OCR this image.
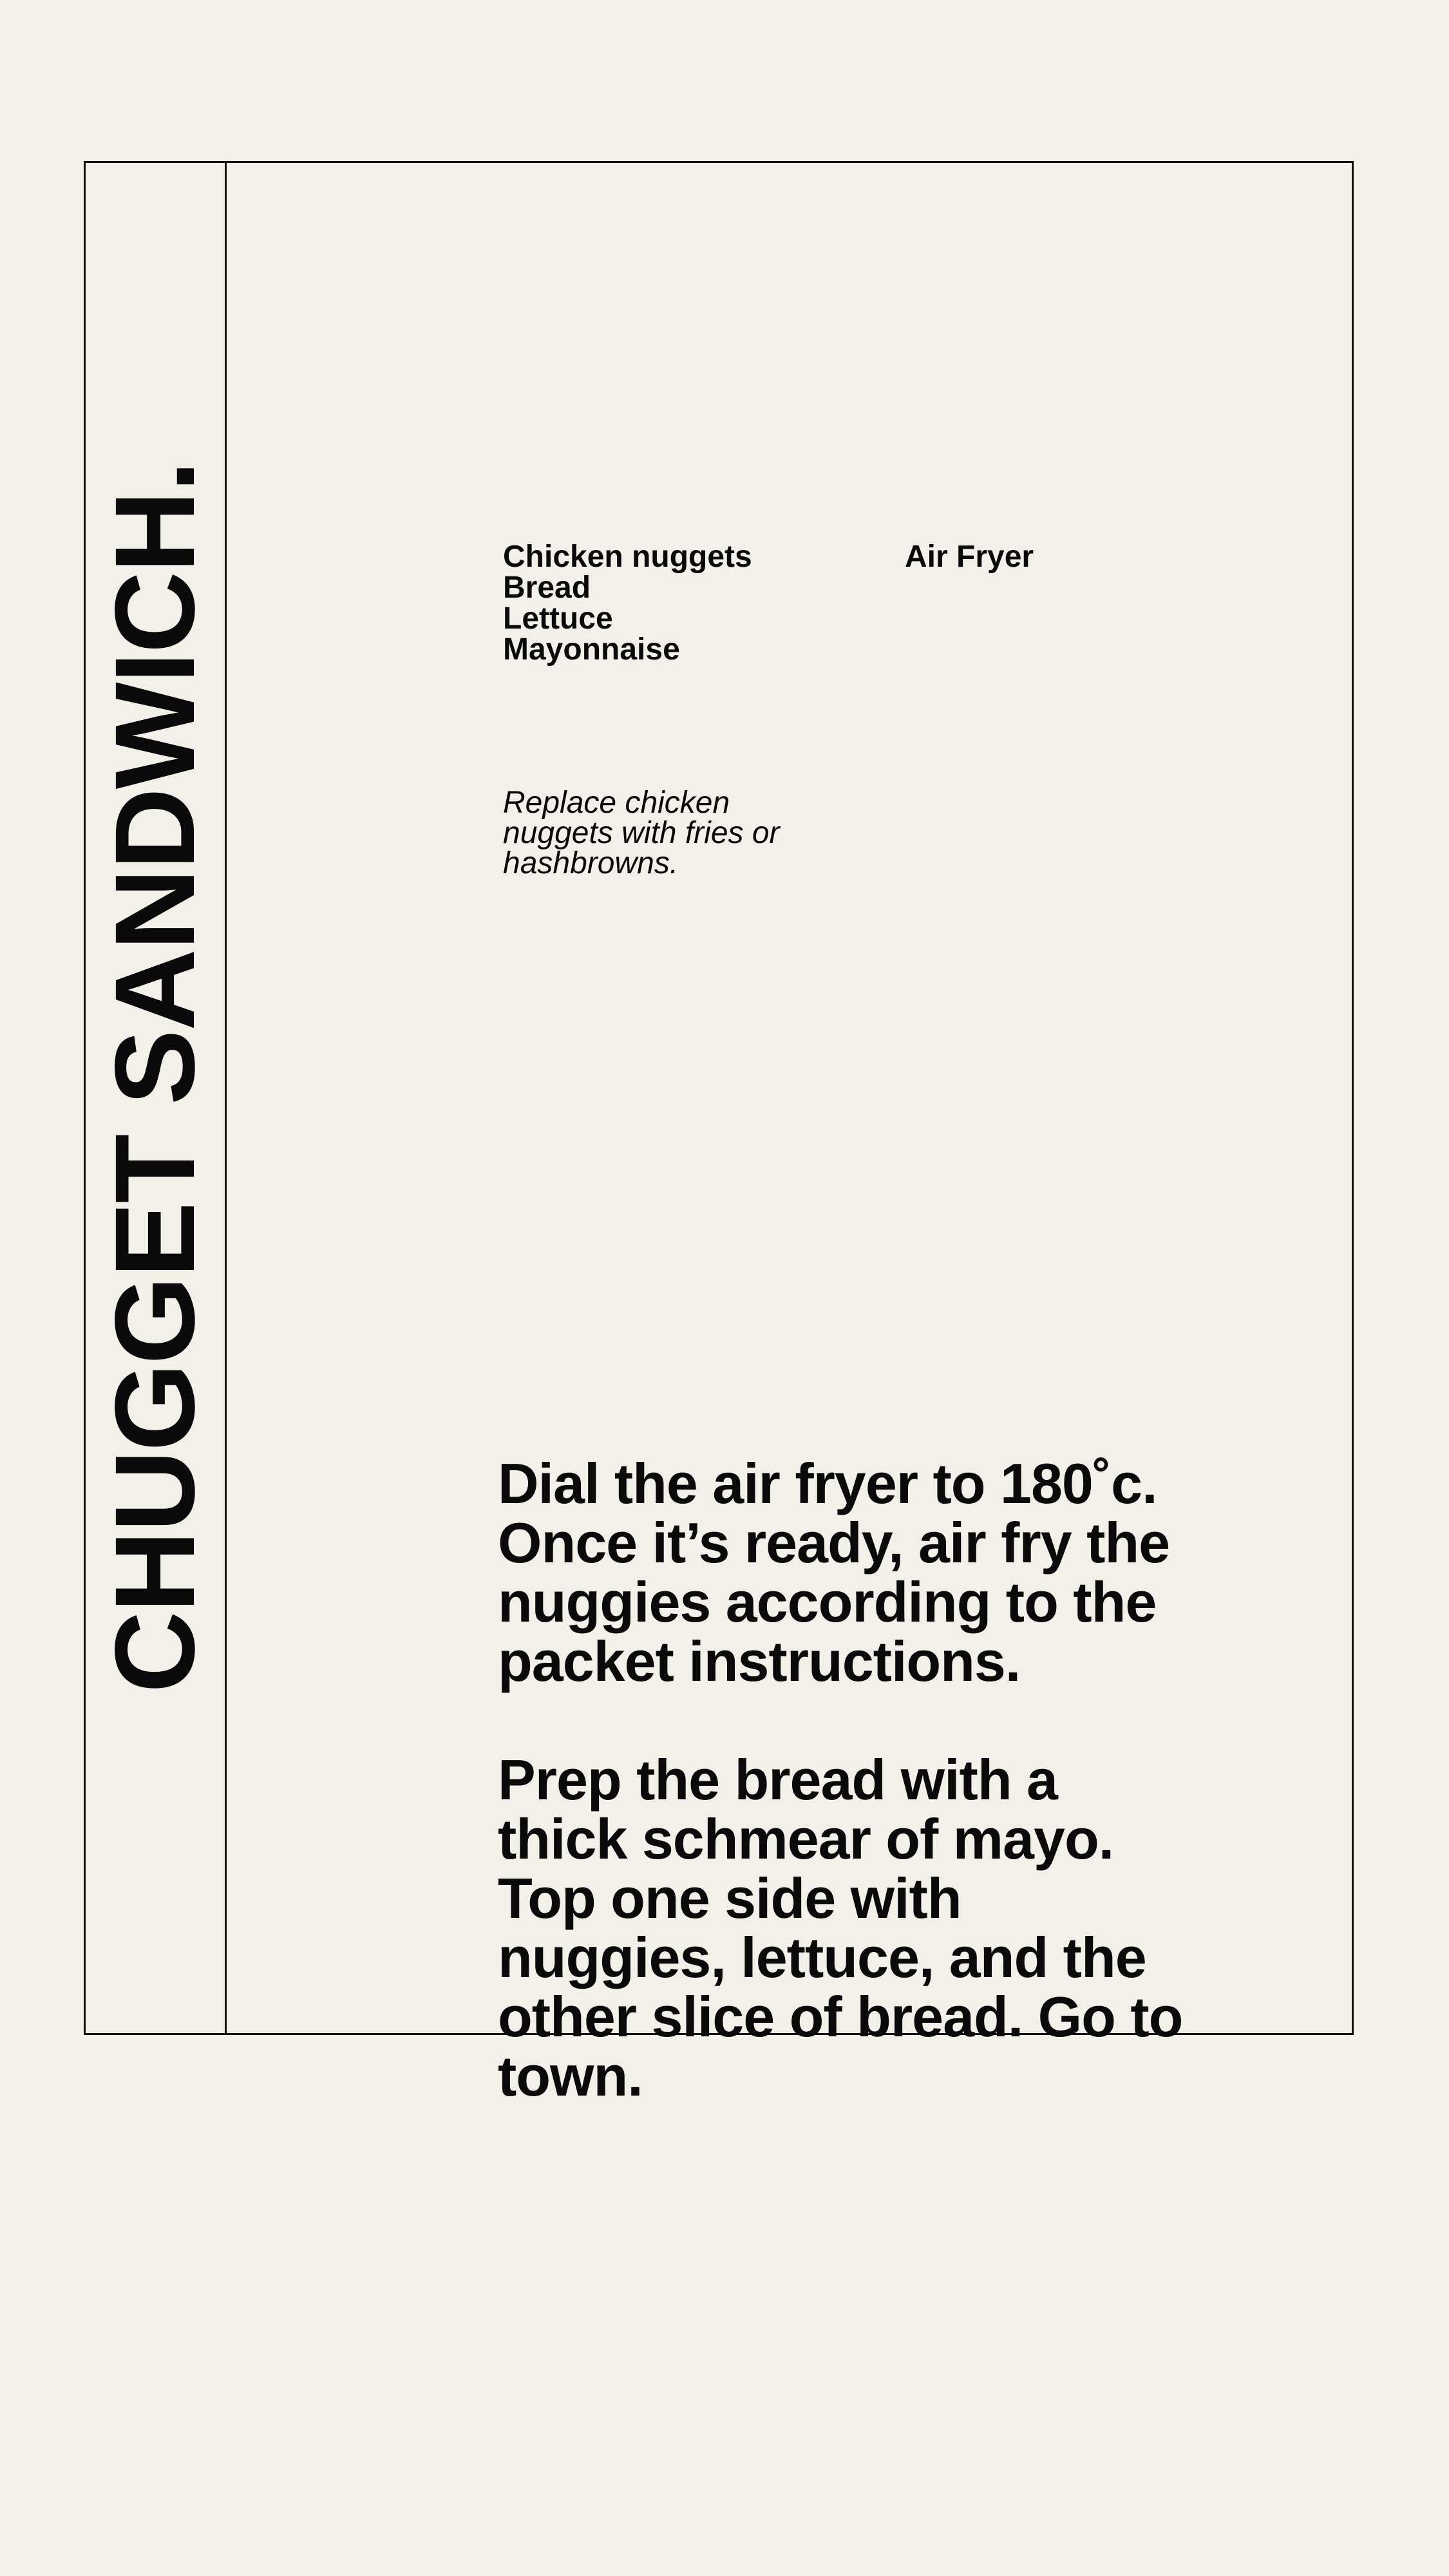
CHUGGET SANDWICH.	Chicken nuggets
Bread
Lettuce
Mayonnaise
Air Fryer

Replace chicken nuggets with fries or hashbrowns.

Dial the air fryer to 180˚c. Once it’s ready, air fry the nuggies according to the packet instructions.

Prep the bread with a thick schmear of mayo. Top one side with nuggies, lettuce, and the other slice of bread. Go to town.
